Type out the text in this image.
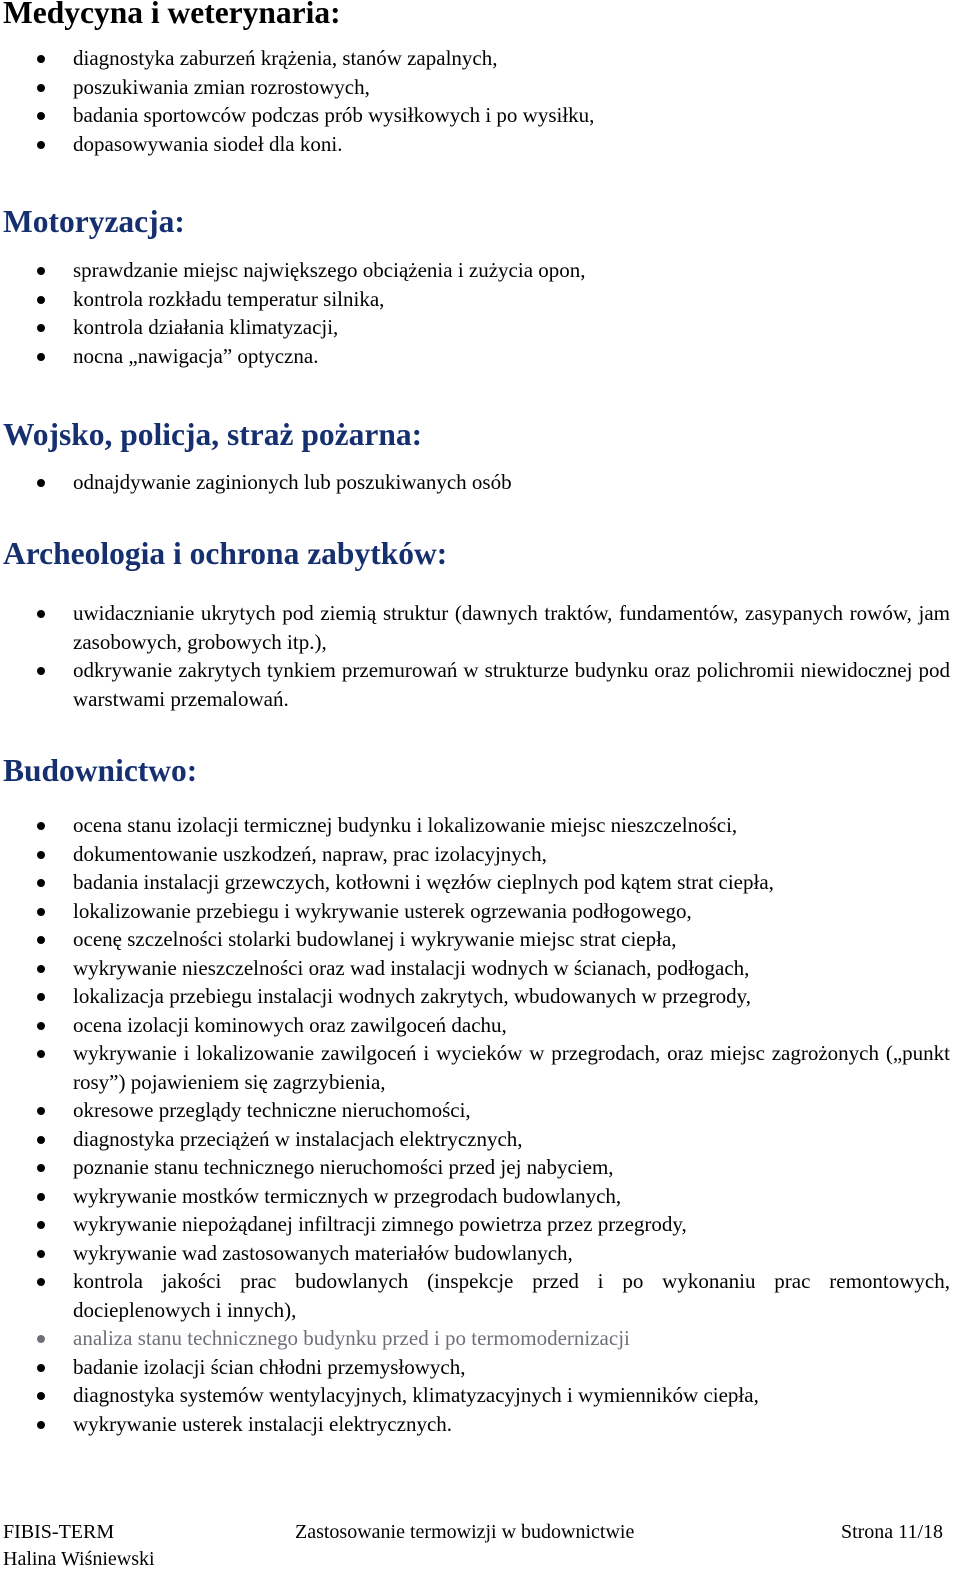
Medycyna i weterynaria:
diagnostyka zaburzeń krążenia, stanów zapalnych,
poszukiwania zmian rozrostowych,
badania sportowców podczas prób wysiłkowych i po wysiłku,
dopasowywania siodeł dla koni.
Motoryzacja:
sprawdzanie miejsc największego obciążenia i zużycia opon,
kontrola rozkładu temperatur silnika,
kontrola działania klimatyzacji,
nocna „nawigacja” optyczna.
Wojsko, policja, straż pożarna:
odnajdywanie zaginionych lub poszukiwanych osób
Archeologia i ochrona zabytków:
uwidacznianie ukrytych pod ziemią struktur (dawnych traktów, fundamentów, zasypanych rowów, jam zasobowych, grobowych itp.),
odkrywanie zakrytych tynkiem przemurowań w strukturze budynku oraz polichromii niewidocznej pod warstwami przemalowań.
Budownictwo:
ocena stanu izolacji termicznej budynku i lokalizowanie miejsc nieszczelności,
dokumentowanie uszkodzeń, napraw, prac izolacyjnych,
badania instalacji grzewczych, kotłowni i węzłów cieplnych pod kątem strat ciepła,
lokalizowanie przebiegu i wykrywanie usterek ogrzewania podłogowego,
ocenę szczelności stolarki budowlanej i wykrywanie miejsc strat ciepła,
wykrywanie nieszczelności oraz wad instalacji wodnych w ścianach, podłogach,
lokalizacja przebiegu instalacji wodnych zakrytych, wbudowanych w przegrody,
ocena izolacji kominowych oraz zawilgoceń dachu,
wykrywanie i lokalizowanie zawilgoceń i wycieków w przegrodach, oraz miejsc zagrożonych („punkt rosy”) pojawieniem się zagrzybienia,
okresowe przeglądy techniczne nieruchomości,
diagnostyka przeciążeń w instalacjach elektrycznych,
poznanie stanu technicznego nieruchomości przed jej nabyciem,
wykrywanie mostków termicznych w przegrodach budowlanych,
wykrywanie niepożądanej infiltracji zimnego powietrza przez przegrody,
wykrywanie wad zastosowanych materiałów budowlanych,
kontrola jakości prac budowlanych (inspekcje przed i po wykonaniu prac remontowych, docieplenowych i innych),
analiza stanu technicznego budynku przed i po termomodernizacji
badanie izolacji ścian chłodni przemysłowych,
diagnostyka systemów wentylacyjnych, klimatyzacyjnych i wymienników ciepła,
wykrywanie usterek instalacji elektrycznych.
FIBIS-TERM	Zastosowanie termowizji w budownictwie	Strona 11/18
Halina Wiśniewski
